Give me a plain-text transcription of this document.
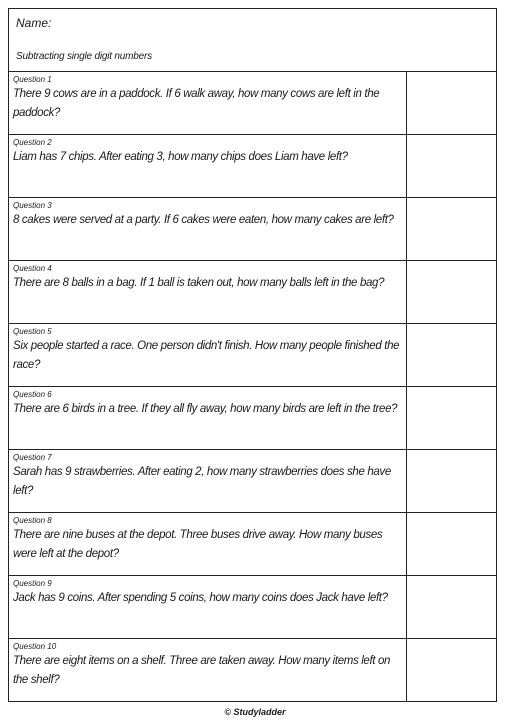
Name:
Subtracting single digit numbers
Question 1
There 9 cows are in a paddock. If 6 walk away, how many cows are left in the paddock?
Question 2
Liam has 7 chips. After eating 3, how many chips does Liam have left?
Question 3
8 cakes were served at a party. If 6 cakes were eaten, how many cakes are left?
Question 4
There are 8 balls in a bag. If 1 ball is taken out, how many balls left in the bag?
Question 5
Six people started a race. One person didn't finish. How many people finished the race?
Question 6
There are 6 birds in a tree. If they all fly away, how many birds are left in the tree?
Question 7
Sarah has 9 strawberries. After eating 2, how many strawberries does she have left?
Question 8
There are nine buses at the depot. Three buses drive away. How many buses were left at the depot?
Question 9
Jack has 9 coins. After spending 5 coins, how many coins does Jack have left?
Question 10
There are eight items on a shelf. Three are taken away. How many items left on the shelf?
© Studyladder
